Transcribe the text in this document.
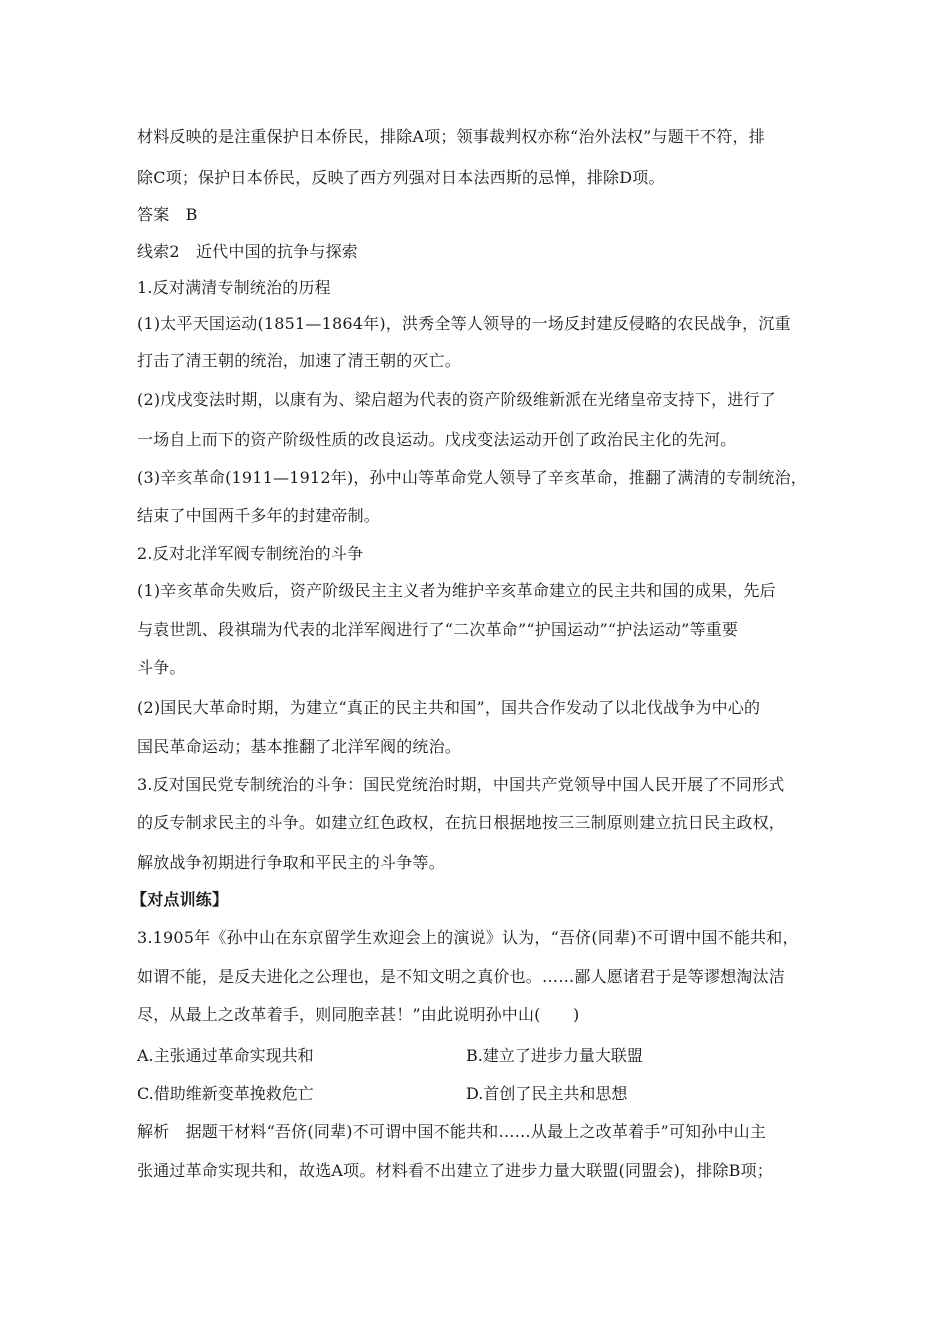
材料反映的是注重保护日本侨民，排除A项；领事裁判权亦称“治外法权”与题干不符，排
除C项；保护日本侨民，反映了西方列强对日本法西斯的忌惮，排除D项。
答案　B
线索2　近代中国的抗争与探索
1.反对满清专制统治的历程
(1)太平天国运动(1851—1864年)，洪秀全等人领导的一场反封建反侵略的农民战争，沉重
打击了清王朝的统治，加速了清王朝的灭亡。
(2)戊戌变法时期，以康有为、梁启超为代表的资产阶级维新派在光绪皇帝支持下，进行了
一场自上而下的资产阶级性质的改良运动。戊戌变法运动开创了政治民主化的先河。
(3)辛亥革命(1911—1912年)，孙中山等革命党人领导了辛亥革命，推翻了满清的专制统治，
结束了中国两千多年的封建帝制。
2.反对北洋军阀专制统治的斗争
(1)辛亥革命失败后，资产阶级民主主义者为维护辛亥革命建立的民主共和国的成果，先后
与袁世凯、段祺瑞为代表的北洋军阀进行了“二次革命”“护国运动”“护法运动”等重要
斗争。
(2)国民大革命时期，为建立“真正的民主共和国”，国共合作发动了以北伐战争为中心的
国民革命运动；基本推翻了北洋军阀的统治。
3.反对国民党专制统治的斗争：国民党统治时期，中国共产党领导中国人民开展了不同形式
的反专制求民主的斗争。如建立红色政权，在抗日根据地按三三制原则建立抗日民主政权，
解放战争初期进行争取和平民主的斗争等。
【对点训练】
3.1905年《孙中山在东京留学生欢迎会上的演说》认为，“吾侪(同辈)不可谓中国不能共和，
如谓不能，是反夫进化之公理也，是不知文明之真价也。……鄙人愿诸君于是等谬想淘汰洁
尽，从最上之改革着手，则同胞幸甚！”由此说明孙中山(　　)
A.主张通过革命实现共和	B.建立了进步力量大联盟
C.借助维新变革挽救危亡	D.首创了民主共和思想
解析　据题干材料“吾侪(同辈)不可谓中国不能共和……从最上之改革着手”可知孙中山主
张通过革命实现共和，故选A项。材料看不出建立了进步力量大联盟(同盟会)，排除B项；
